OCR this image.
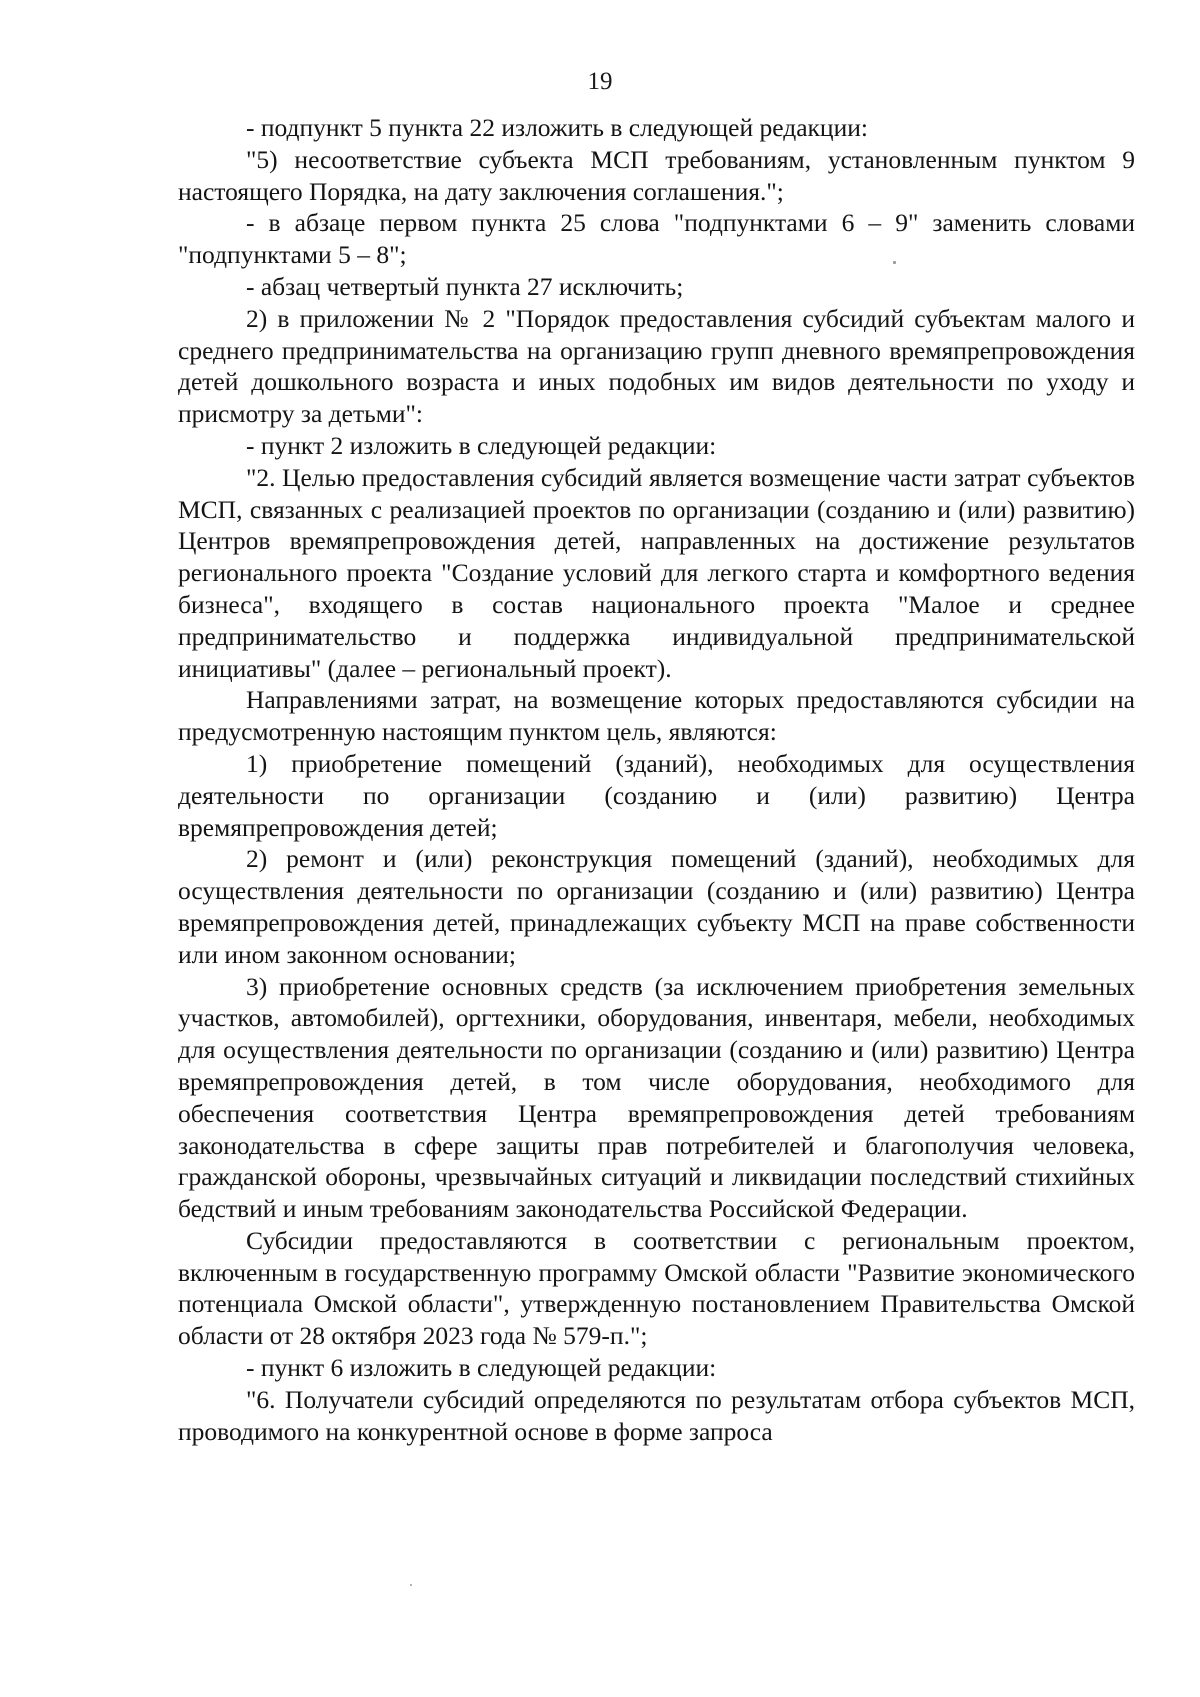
19

- подпункт 5 пункта 22 изложить в следующей редакции:

"5) несоответствие субъекта МСП требованиям, установленным пунктом 9 настоящего Порядка, на дату заключения соглашения.";

- в абзаце первом пункта 25 слова "подпунктами 6 – 9" заменить словами "подпунктами 5 – 8";

- абзац четвертый пункта 27 исключить;

2) в приложении № 2 "Порядок предоставления субсидий субъектам малого и среднего предпринимательства на организацию групп дневного времяпрепровождения детей дошкольного возраста и иных подобных им видов деятельности по уходу и присмотру за детьми":

- пункт 2 изложить в следующей редакции:

"2. Целью предоставления субсидий является возмещение части затрат субъектов МСП, связанных с реализацией проектов по организации (созданию и (или) развитию) Центров времяпрепровождения детей, направленных на достижение результатов регионального проекта "Создание условий для легкого старта и комфортного ведения бизнеса", входящего в состав национального проекта "Малое и среднее предпринимательство и поддержка индивидуальной предпринимательской инициативы" (далее – региональный проект).

Направлениями затрат, на возмещение которых предоставляются субсидии на предусмотренную настоящим пунктом цель, являются:

1) приобретение помещений (зданий), необходимых для осуществления деятельности по организации (созданию и (или) развитию) Центра времяпрепровождения детей;

2) ремонт и (или) реконструкция помещений (зданий), необходимых для осуществления деятельности по организации (созданию и (или) развитию) Центра времяпрепровождения детей, принадлежащих субъекту МСП на праве собственности или ином законном основании;

3) приобретение основных средств (за исключением приобретения земельных участков, автомобилей), оргтехники, оборудования, инвентаря, мебели, необходимых для осуществления деятельности по организации (созданию и (или) развитию) Центра времяпрепровождения детей, в том числе оборудования, необходимого для обеспечения соответствия Центра времяпрепровождения детей требованиям законодательства в сфере защиты прав потребителей и благополучия человека, гражданской обороны, чрезвычайных ситуаций и ликвидации последствий стихийных бедствий и иным требованиям законодательства Российской Федерации.

Субсидии предоставляются в соответствии с региональным проектом, включенным в государственную программу Омской области "Развитие экономического потенциала Омской области", утвержденную постановлением Правительства Омской области от 28 октября 2023 года № 579-п.";

- пункт 6 изложить в следующей редакции:

"6. Получатели субсидий определяются по результатам отбора субъектов МСП, проводимого на конкурентной основе в форме запроса
